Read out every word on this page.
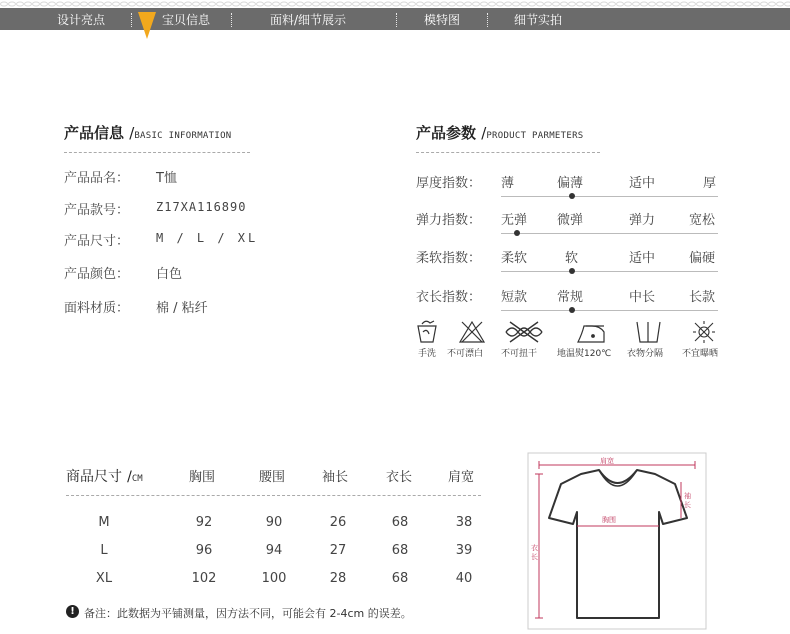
设计亮点	宝贝信息	面料/细节展示	模特图	细节实拍
产品信息 /BASIC INFORMATION
产品品名： T恤
产品款号： Z17XA116890
产品尺寸： M / L / XL
产品颜色： 白色
面料材质： 棉 / 粘纤
产品参数 /PRODUCT PARMETERS
厚度指数： 薄	偏薄	适中	厚
弹力指数： 无弹 微弹	弹力	宽松
柔软指数： 柔软	软	适中	偏硬
衣长指数： 短款 常规	中长	长款
手洗 不可漂白 不可扭干 地温熨120℃ 衣物分隔 不宜曝晒
商品尺寸 /CM	胸围	腰围	袖长	衣长	肩宽
M	92	90	26	68	38
L	96	94	27	68	39
XL	102	100	28	68	40
! 备注：此数据为平铺测量，因方法不同，可能会有 2-4cm 的误差。
肩宽
胸围
袖长
衣长
